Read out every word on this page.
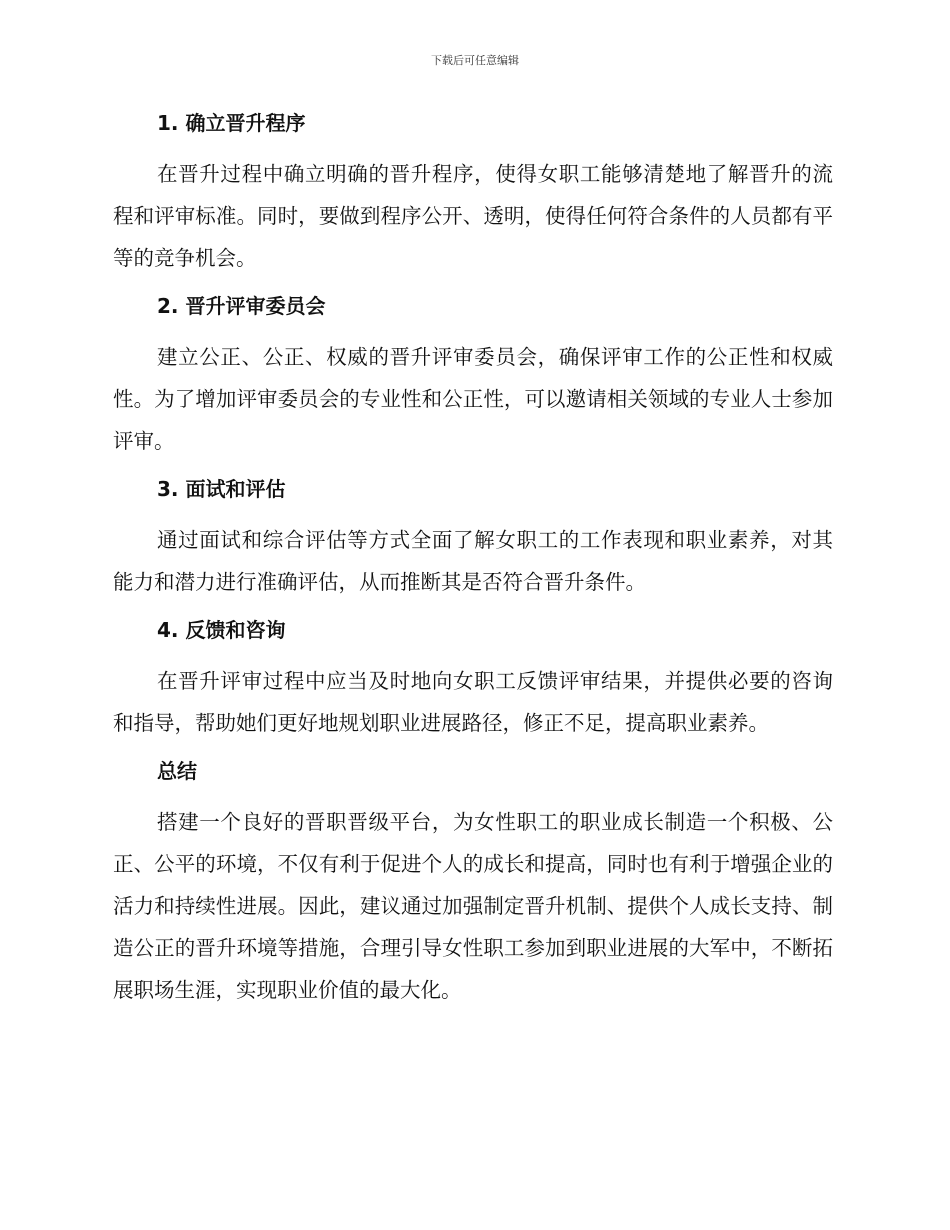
下载后可任意编辑
1. 确立晋升程序

在晋升过程中确立明确的晋升程序，使得女职工能够清楚地了解晋升的流程和评审标准。同时，要做到程序公开、透明，使得任何符合条件的人员都有平等的竞争机会。

2. 晋升评审委员会

建立公正、公正、权威的晋升评审委员会，确保评审工作的公正性和权威性。为了增加评审委员会的专业性和公正性，可以邀请相关领域的专业人士参加评审。

3. 面试和评估

通过面试和综合评估等方式全面了解女职工的工作表现和职业素养，对其能力和潜力进行准确评估，从而推断其是否符合晋升条件。

4. 反馈和咨询

在晋升评审过程中应当及时地向女职工反馈评审结果，并提供必要的咨询和指导，帮助她们更好地规划职业进展路径，修正不足，提高职业素养。

总结

搭建一个良好的晋职晋级平台，为女性职工的职业成长制造一个积极、公正、公平的环境，不仅有利于促进个人的成长和提高，同时也有利于增强企业的活力和持续性进展。因此，建议通过加强制定晋升机制、提供个人成长支持、制造公正的晋升环境等措施，合理引导女性职工参加到职业进展的大军中，不断拓展职场生涯，实现职业价值的最大化。
